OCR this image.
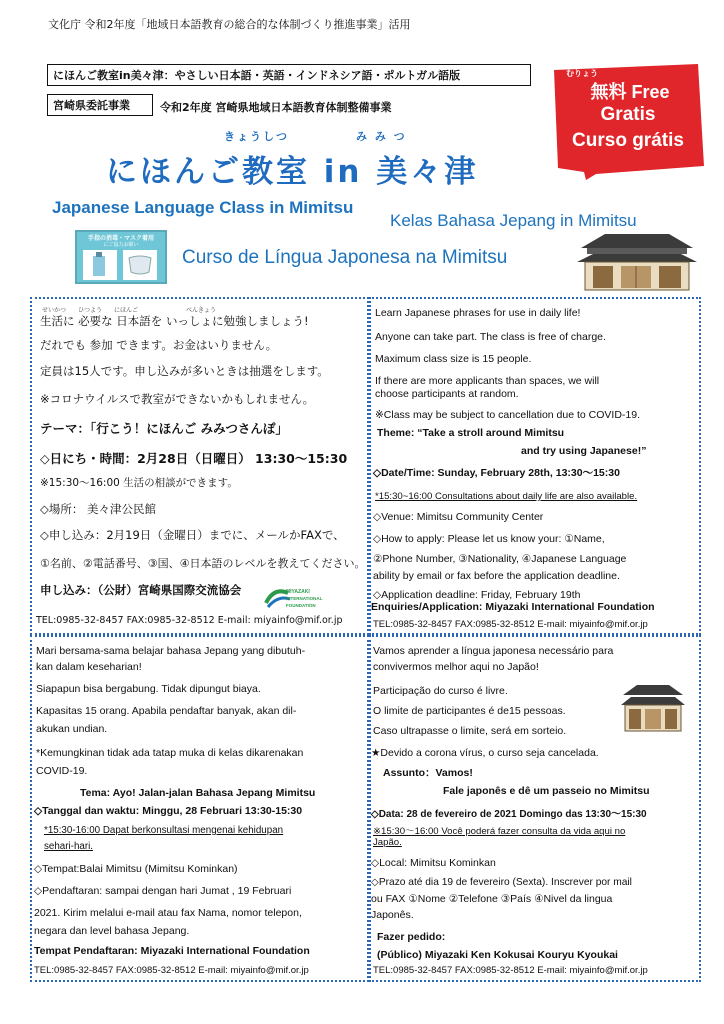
文化庁 令和2年度「地域日本語教育の総合的な体制づくり推進事業」活用
にほんご教室in美々津：やさしい日本語・英語・インドネシア語・ポルトガル語版
宮崎県委託事業	令和2年度 宮崎県地域日本語教育体制整備事業
むりょう
無料 Free
Gratis
Curso grátis
きょうしつ	み み つ
にほんご教室 in 美々津
Japanese Language Class in Mimitsu
Kelas Bahasa Jepang in Mimitsu
Curso de Língua Japonesa na Mimitsu
手指の消毒・マスク着用
にご協力お願い
せいかつ　　ひつよう　　にほんご　　　　　　　　べんきょう
生活に 必要な 日本語を いっしょに勉強しましょう!
だれでも 参加 できます。お金はいりません。
定員は15人です。申し込みが多いときは抽選をします。
※コロナウイルスで教室ができないかもしれません。
テーマ：「行こう！にほんご みみつさんぽ」
◇日にち・時間：2月28日（日曜日） 13:30～15:30
※15:30～16:00 生活の相談ができます。
◇場所： 美々津公民館
◇申し込み：2月19日（金曜日）までに、メールかFAXで、
①名前、②電話番号、③国、④日本語のレベルを教えてください。
申し込み：（公財）宮崎県国際交流協会
TEL:0985-32-8457 FAX:0985-32-8512 E-mail: miyainfo@mif.or.jp
MIYAZAKI
INTERNATIONAL
FOUNDATION
Learn Japanese phrases for use in daily life!
Anyone can take part. The class is free of charge.
Maximum class size is 15 people.
If there are more applicants than spaces, we will
choose participants at random.
※Class may be subject to cancellation due to COVID-19.
Theme: “Take a stroll around Mimitsu
and try using Japanese!”
◇Date/Time: Sunday, February 28th, 13:30～15:30
*15:30~16:00 Consultations about daily life are also available.
◇Venue: Mimitsu Community Center
◇How to apply: Please let us know your: ①Name,
②Phone Number, ③Nationality, ④Japanese Language
ability by email or fax before the application deadline.
◇Application deadline: Friday, February 19th
Enquiries/Application: Miyazaki International Foundation
TEL:0985-32-8457 FAX:0985-32-8512 E-mail: miyainfo@mif.or.jp
Mari bersama-sama belajar bahasa Jepang yang dibutuh-
kan dalam keseharian!
Siapapun bisa bergabung. Tidak dipungut biaya.
Kapasitas 15 orang. Apabila pendaftar banyak, akan dil-
akukan undian.
*Kemungkinan tidak ada tatap muka di kelas dikarenakan
COVID-19.
Tema: Ayo! Jalan-jalan Bahasa Jepang Mimitsu
◇Tanggal dan waktu: Minggu, 28 Februari 13:30-15:30
*15:30-16:00 Dapat berkonsultasi mengenai kehidupan
sehari-hari.
◇Tempat:Balai Mimitsu (Mimitsu Kominkan)
◇Pendaftaran: sampai dengan hari Jumat , 19 Februari
2021. Kirim melalui e-mail atau fax Nama, nomor telepon,
negara dan level bahasa Jepang.
Tempat Pendaftaran: Miyazaki International Foundation
TEL:0985-32-8457 FAX:0985-32-8512 E-mail: miyainfo@mif.or.jp
Vamos aprender a língua japonesa necessário para
convivermos melhor aqui no Japão!
Participação do curso é livre.
O limite de participantes é de15 pessoas.
Caso ultrapasse o limite, será em sorteio.
★Devido a corona vírus, o curso seja cancelada.
Assunto：Vamos!
Fale japonês e dê um passeio no Mimitsu
◇Data: 28 de fevereiro de 2021 Domingo das 13:30～15:30
※15:30～16:00 Você poderá fazer consulta da vida aqui no
Japão.
◇Local: Mimitsu Kominkan
◇Prazo até dia 19 de fevereiro (Sexta). Inscrever por mail
ou FAX ①Nome ②Telefone ③País ④Nivel da lingua
Japonês.
Fazer pedido:
(Público) Miyazaki Ken Kokusai Kouryu Kyoukai
TEL:0985-32-8457 FAX:0985-32-8512 E-mail: miyainfo@mif.or.jp
